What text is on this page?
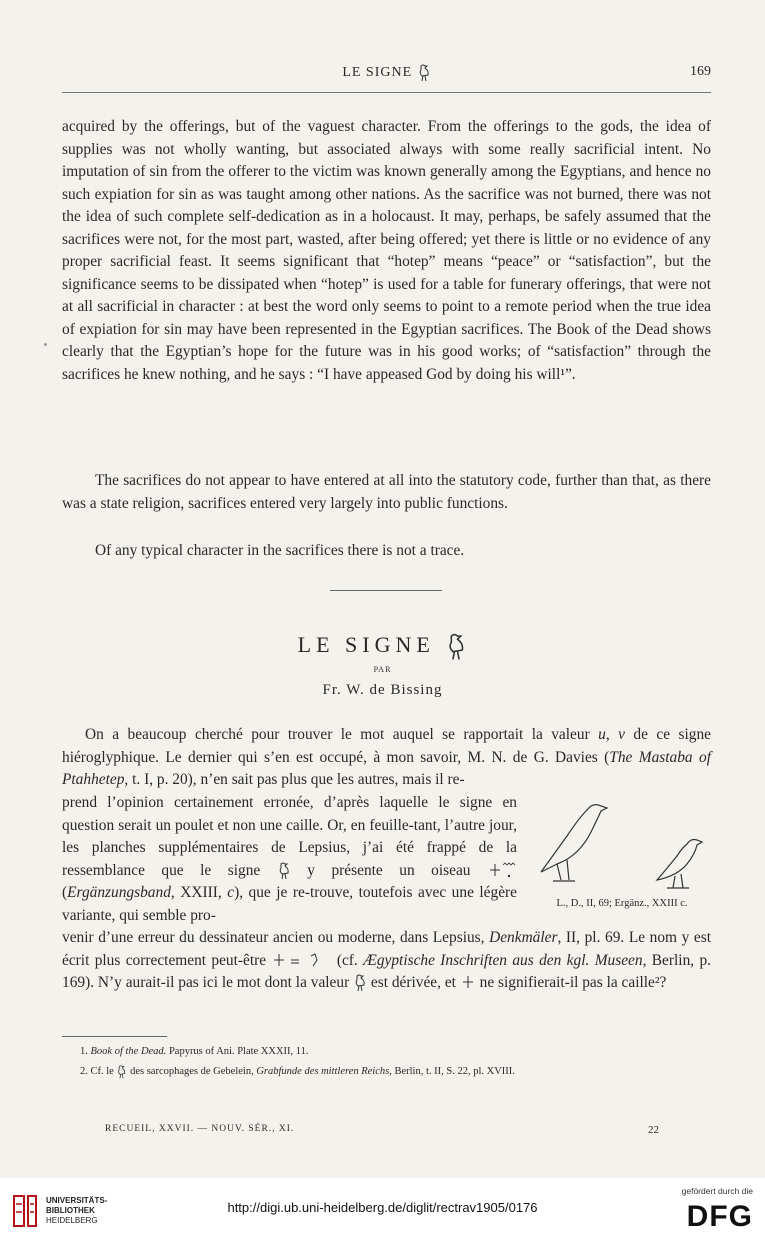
LE SIGNE	169
acquired by the offerings, but of the vaguest character. From the offerings to the gods, the idea of supplies was not wholly wanting, but associated always with some really sacrificial intent. No imputation of sin from the offerer to the victim was known generally among the Egyptians, and hence no such expiation for sin as was taught among other nations. As the sacrifice was not burned, there was not the idea of such complete self-dedication as in a holocaust. It may, perhaps, be safely assumed that the sacrifices were not, for the most part, wasted, after being offered; yet there is little or no evidence of any proper sacrificial feast. It seems significant that “hotep” means “peace” or “satisfaction”, but the significance seems to be dissipated when “hotep” is used for a table for funerary offerings, that were not at all sacrificial in character : at best the word only seems to point to a remote period when the true idea of expiation for sin may have been represented in the Egyptian sacrifices. The Book of the Dead shows clearly that the Egyptian’s hope for the future was in his good works; of “satisfaction” through the sacrifices he knew nothing, and he says : “I have appeased God by doing his will¹”.
The sacrifices do not appear to have entered at all into the statutory code, further than that, as there was a state religion, sacrifices entered very largely into public functions.
Of any typical character in the sacrifices there is not a trace.
LE SIGNE
PAR
Fr. W. de Bissing
On a beaucoup cherché pour trouver le mot auquel se rapportait la valeur u, v de ce signe hiéroglyphique. Le dernier qui s’en est occupé, à mon savoir, M. N. de G. Davies (The Mastaba of Ptahhetep, t. I, p. 20), n’en sait pas plus que les autres, mais il re-
prend l’opinion certainement erronée, d’après laquelle le signe en question serait un poulet et non une caille. Or, en feuille-tant, l’autre jour, les planches supplémentaires de Lepsius, j’ai été frappé de la ressemblance que le signe  y présente un oiseau  (Ergänzungsband, XXIII, c), que je re-trouve, toutefois avec une légère variante, qui semble pro-
L., D., II, 69; Ergänz., XXIII c.
venir d’une erreur du dessinateur ancien ou moderne, dans Lepsius, Denkmäler, II, pl. 69. Le nom y est écrit plus correctement peut-être	(cf. Ægyptische Inschriften aus den kgl. Museen, Berlin, p. 169). N’y aurait-il pas ici le mot dont la valeur  est dérivée, et  ne signifierait-il pas la caille²?
1. Book of the Dead. Papyrus of Ani. Plate XXXII, 11.
2. Cf. le  des sarcophages de Gebelein, Grabfunde des mittleren Reichs, Berlin, t. II, S. 22, pl. XVIII.
RECUEIL, XXVII. — NOUV. SÉR., XI.	22
UNIVERSITÄTS-
BIBLIOTHEK
HEIDELBERG
http://digi.ub.uni-heidelberg.de/diglit/rectrav1905/0176
gefördert durch die
DFG
